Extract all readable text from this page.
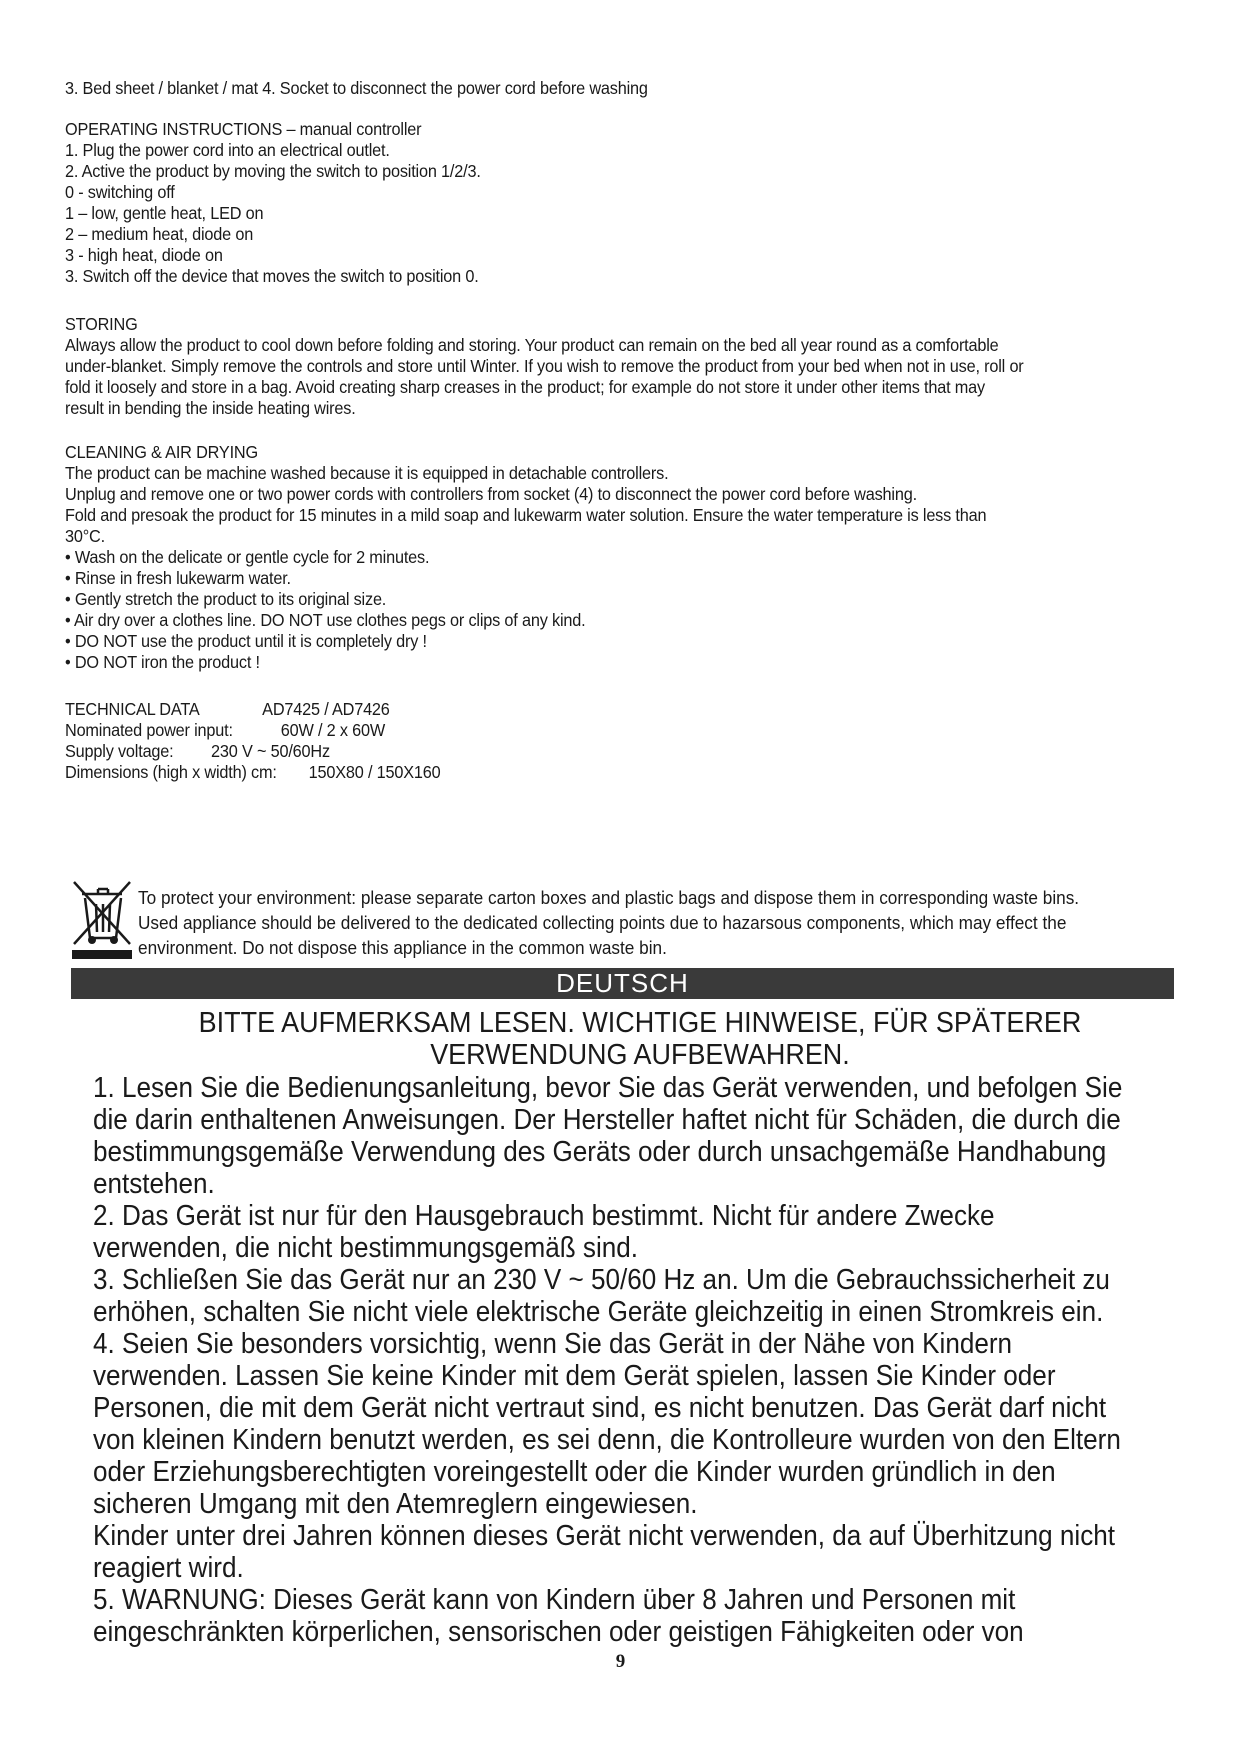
3. Bed sheet / blanket / mat 4. Socket to disconnect the power cord before washing

OPERATING INSTRUCTIONS – manual controller

1. Plug the power cord into an electrical outlet.

2. Active the product by moving the switch to position 1/2/3.

0 - switching off

1 – low, gentle heat, LED on

2 – medium heat, diode on

3 - high heat, diode on

3. Switch off the device that moves the switch to position 0.

STORING

Always allow the product to cool down before folding and storing. Your product can remain on the bed all year round as a comfortable

under-blanket. Simply remove the controls and store until Winter. If you wish to remove the product from your bed when not in use, roll or

fold it loosely and store in a bag. Avoid creating sharp creases in the product; for example do not store it under other items that may

result in bending the inside heating wires.

CLEANING & AIR DRYING

The product can be machine washed because it is equipped in detachable controllers.

Unplug and remove one or two power cords with controllers from socket (4) to disconnect the power cord before washing.

Fold and presoak the product for 15 minutes in a mild soap and lukewarm water solution. Ensure the water temperature is less than

30°C.

• Wash on the delicate or gentle cycle for 2 minutes.

• Rinse in fresh lukewarm water.

• Gently stretch the product to its original size.

• Air dry over a clothes line. DO NOT use clothes pegs or clips of any kind.

• DO NOT use the product until it is completely dry !

• DO NOT iron the product !

TECHNICAL DATA	AD7425 / AD7426
Nominated power input:	60W / 2 x 60W
Supply voltage: 230 V ~ 50/60Hz
Dimensions (high x width) cm: 150X80 / 150X160

To protect your environment: please separate carton boxes and plastic bags and dispose them in corresponding waste bins.

Used appliance should be delivered to the dedicated collecting points due to hazarsous components, which may effect the

environment. Do not dispose this appliance in the common waste bin.

DEUTSCH

BITTE AUFMERKSAM LESEN. WICHTIGE HINWEISE, FÜR SPÄTERER

VERWENDUNG AUFBEWAHREN.

1. Lesen Sie die Bedienungsanleitung, bevor Sie das Gerät verwenden, und befolgen Sie

die darin enthaltenen Anweisungen. Der Hersteller haftet nicht für Schäden, die durch die

bestimmungsgemäße Verwendung des Geräts oder durch unsachgemäße Handhabung

entstehen.

2. Das Gerät ist nur für den Hausgebrauch bestimmt. Nicht für andere Zwecke

verwenden, die nicht bestimmungsgemäß sind.

3. Schließen Sie das Gerät nur an 230 V ~ 50/60 Hz an. Um die Gebrauchssicherheit zu

erhöhen, schalten Sie nicht viele elektrische Geräte gleichzeitig in einen Stromkreis ein.

4. Seien Sie besonders vorsichtig, wenn Sie das Gerät in der Nähe von Kindern

verwenden. Lassen Sie keine Kinder mit dem Gerät spielen, lassen Sie Kinder oder

Personen, die mit dem Gerät nicht vertraut sind, es nicht benutzen. Das Gerät darf nicht

von kleinen Kindern benutzt werden, es sei denn, die Kontrolleure wurden von den Eltern

oder Erziehungsberechtigten voreingestellt oder die Kinder wurden gründlich in den

sicheren Umgang mit den Atemreglern eingewiesen.

Kinder unter drei Jahren können dieses Gerät nicht verwenden, da auf Überhitzung nicht

reagiert wird.

5. WARNUNG: Dieses Gerät kann von Kindern über 8 Jahren und Personen mit

eingeschränkten körperlichen, sensorischen oder geistigen Fähigkeiten oder von

9
